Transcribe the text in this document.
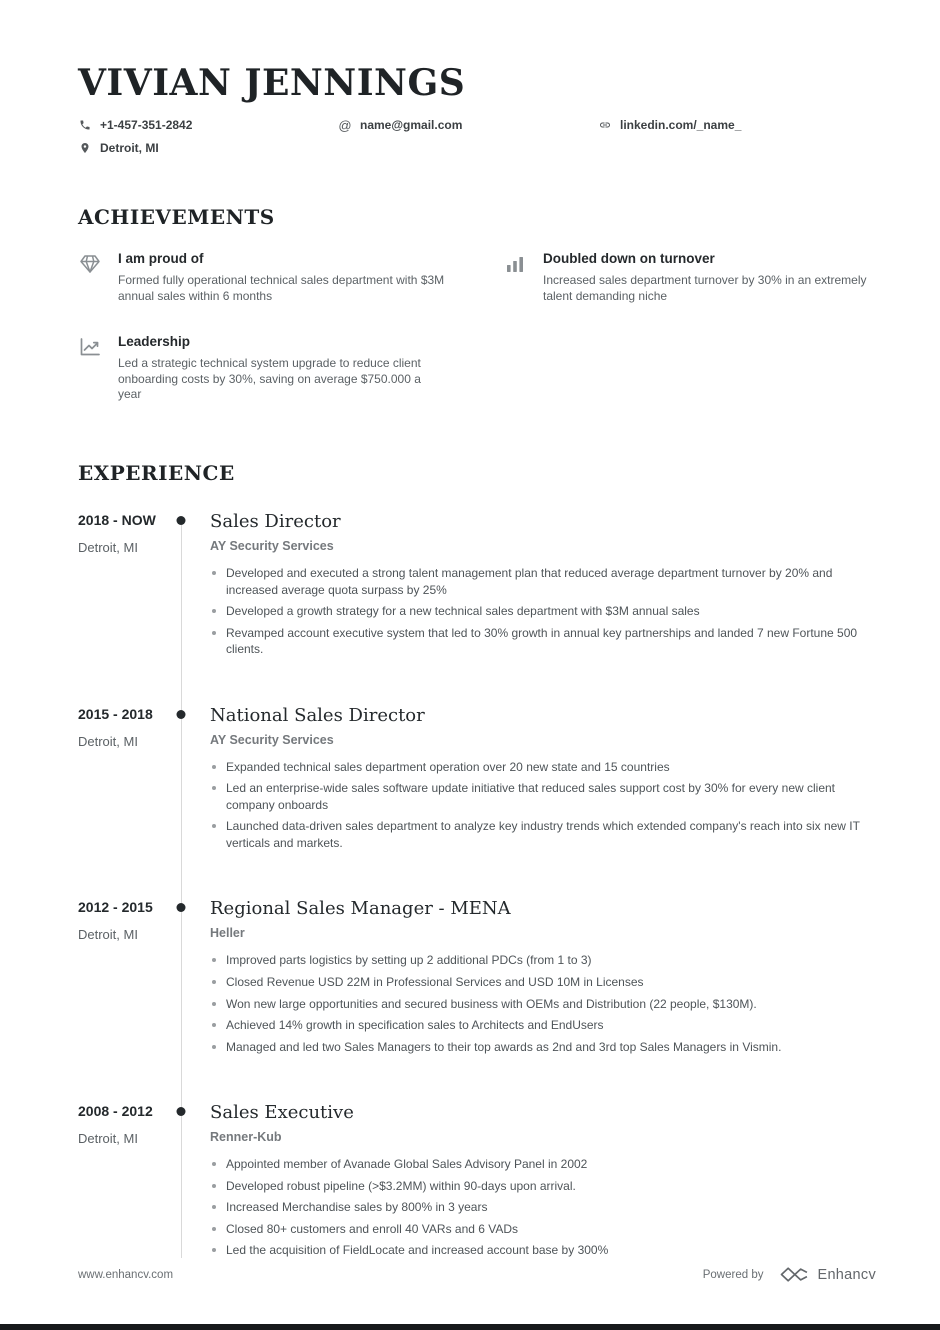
VIVIAN JENNINGS
+1-457-351-2842	@ name@gmail.com	linkedin.com/_name_
Detroit, MI
ACHIEVEMENTS
I am proud of
Formed fully operational technical sales department with $3M annual sales within 6 months
Doubled down on turnover
Increased sales department turnover by 30% in an extremely talent demanding niche
Leadership
Led a strategic technical system upgrade to reduce client onboarding costs by 30%, saving on average $750.000 a year
EXPERIENCE
2018 - NOW
Detroit, MI
Sales Director
AY Security Services
Developed and executed a strong talent management plan that reduced average department turnover by 20% and increased average quota surpass by 25%
Developed a growth strategy for a new technical sales department with $3M annual sales
Revamped account executive system that led to 30% growth in annual key partnerships and landed 7 new Fortune 500 clients.
2015 - 2018
Detroit, MI
National Sales Director
AY Security Services
Expanded technical sales department operation over 20 new state and 15 countries
Led an enterprise-wide sales software update initiative that reduced sales support cost by 30% for every new client company onboards
Launched data-driven sales department to analyze key industry trends which extended company's reach into six new IT verticals and markets.
2012 - 2015
Detroit, MI
Regional Sales Manager - MENA
Heller
Improved parts logistics by setting up 2 additional PDCs (from 1 to 3)
Closed Revenue USD 22M in Professional Services and USD 10M in Licenses
Won new large opportunities and secured business with OEMs and Distribution (22 people, $130M).
Achieved 14% growth in specification sales to Architects and EndUsers
Managed and led two Sales Managers to their top awards as 2nd and 3rd top Sales Managers in Vismin.
2008 - 2012
Detroit, MI
Sales Executive
Renner-Kub
Appointed member of Avanade Global Sales Advisory Panel in 2002
Developed robust pipeline (>$3.2MM) within 90-days upon arrival.
Increased Merchandise sales by 800% in 3 years
Closed 80+ customers and enroll 40 VARs and 6 VADs
Led the acquisition of FieldLocate and increased account base by 300%
www.enhancv.com	Powered by	Enhancv
